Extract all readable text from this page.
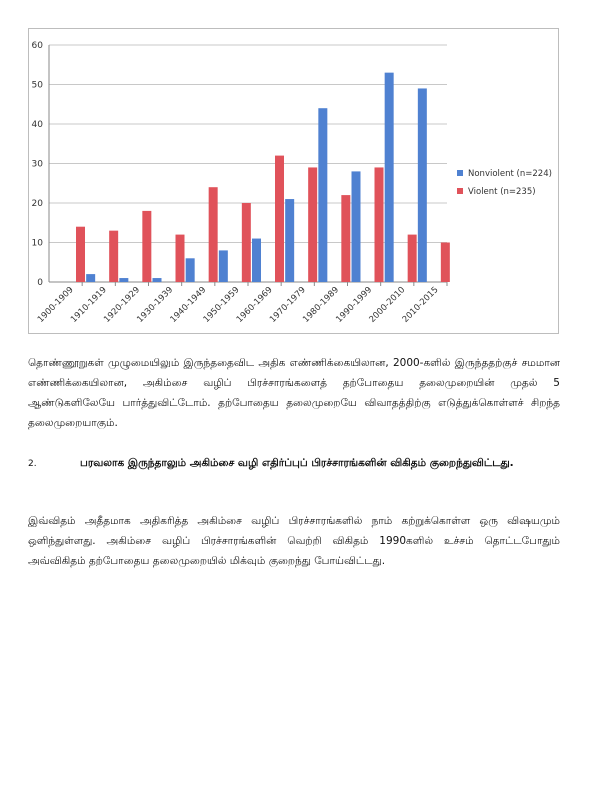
0
10
20
30
40
50
60
1900-1909
1910-1919
1920-1929
1930-1939
1940-1949
1950-1959
1960-1969
1970-1979
1980-1989
1990-1999
2000-2010
2010-2015
Nonviolent (n=224)
Violent (n=235)

தொண்ணூறுகள் முழுமையிலும் இருந்ததைவிட அதிக எண்ணிக்கையிலான, 2000-களில் இருந்ததற்குச் சமமான எண்ணிக்கையிலான, அகிம்சை வழிப் பிரச்சாரங்களைத் தற்போதைய தலைமுறையின் முதல் 5 ஆண்டுகளிலேயே பார்த்துவிட்டோம். தற்போதைய தலைமுறையே விவாதத்திற்கு எடுத்துக்கொள்ளச் சிறந்த தலைமுறையாகும்.

2.	பரவலாக இருந்தாலும் அகிம்சை வழி எதிர்ப்புப் பிரச்சாரங்களின் விகிதம் குறைந்துவிட்டது.

இவ்விதம் அதீதமாக அதிகரித்த அகிம்சை வழிப் பிரச்சாரங்களில் நாம் கற்றுக்கொள்ள ஒரு விஷயமும் ஒளிந்துள்ளது. அகிம்சை வழிப் பிரச்சாரங்களின் வெற்றி விகிதம் 1990களில் உச்சம் தொட்டபோதும் அவ்விகிதம் தற்போதைய தலைமுறையில் மிக்வும் குறைந்து போய்விட்டது.
